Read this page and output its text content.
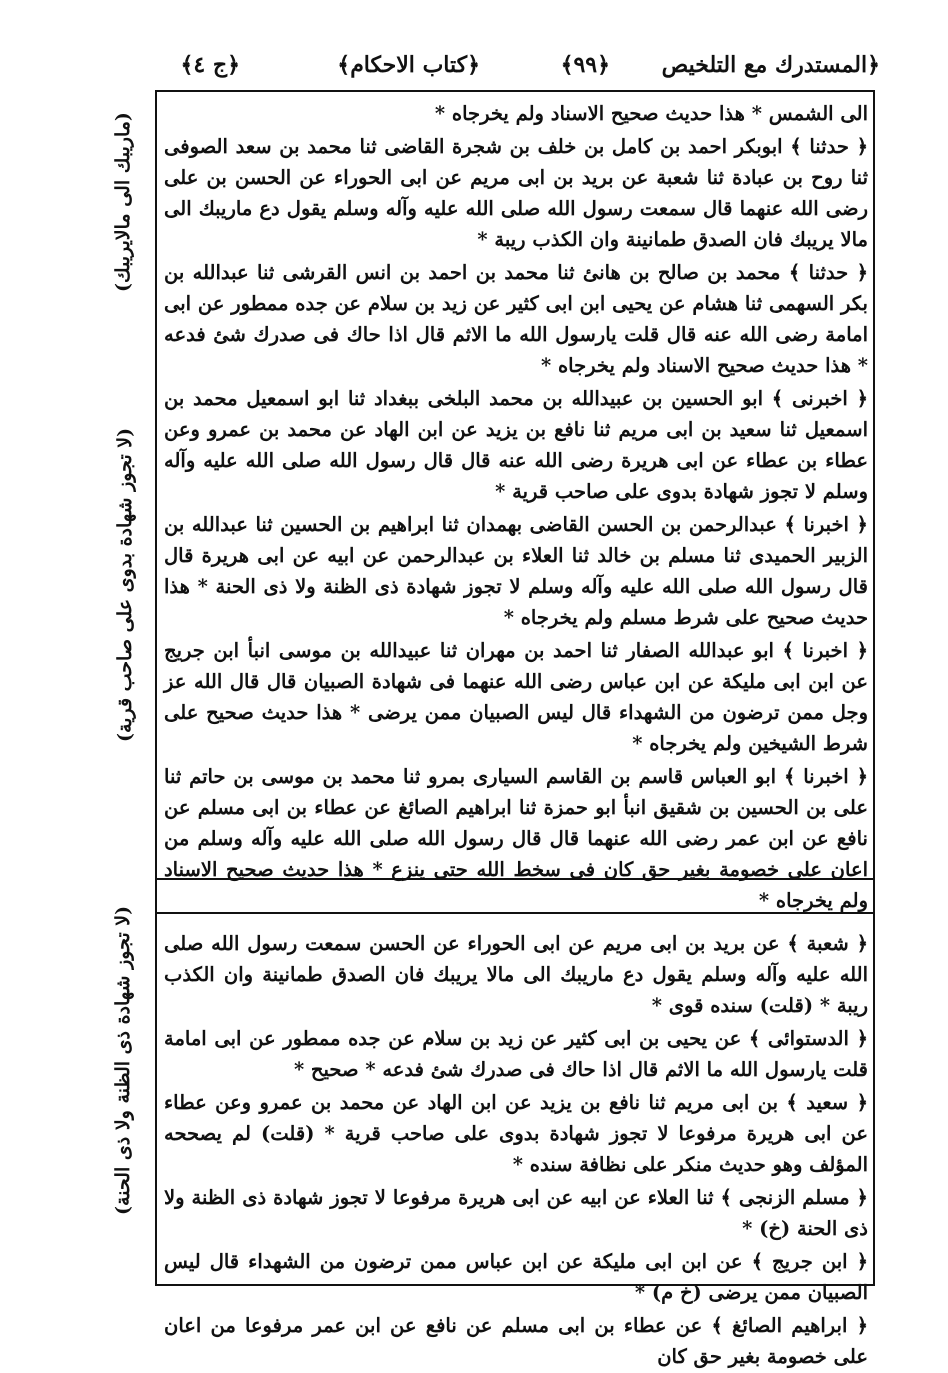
﴿المستدرك مع التلخيص
﴿٩٩﴾
﴿كتاب الاحكام﴾
﴿ج ٤﴾
(ماريبك الى مالايريبك)
(لا تجوز شهادة بدوى على صاحب قرية)
(لا تجوز شهادة ذى الظنة ولا ذى الحنة)

الى الشمس * هذا حديث صحيح الاسناد ولم يخرجاه *

﴿ حدثنا ﴾ ابوبكر احمد بن كامل بن خلف بن شجرة القاضى ثنا محمد بن سعد الصوفى ثنا روح بن عبادة ثنا شعبة عن بريد بن ابى مريم عن ابى الحوراء عن الحسن بن على رضى الله عنهما قال سمعت رسول الله صلى الله عليه وآله وسلم يقول دع ماريبك الى مالا يريبك فان الصدق طمانينة وان الكذب ريبة *

﴿ حدثنا ﴾ محمد بن صالح بن هانئ ثنا محمد بن احمد بن انس القرشى ثنا عبدالله بن بكر السهمى ثنا هشام عن يحيى ابن ابى كثير عن زيد بن سلام عن جده ممطور عن ابى امامة رضى الله عنه قال قلت يارسول الله ما الاثم قال اذا حاك فى صدرك شئ فدعه * هذا حديث صحيح الاسناد ولم يخرجاه *

﴿ اخبرنى ﴾ ابو الحسين بن عبيدالله بن محمد البلخى ببغداد ثنا ابو اسمعيل محمد بن اسمعيل ثنا سعيد بن ابى مريم ثنا نافع بن يزيد عن ابن الهاد عن محمد بن عمرو وعن عطاء بن عطاء عن ابى هريرة رضى الله عنه قال قال رسول الله صلى الله عليه وآله وسلم لا تجوز شهادة بدوى على صاحب قرية *

﴿ اخبرنا ﴾ عبدالرحمن بن الحسن القاضى بهمدان ثنا ابراهيم بن الحسين ثنا عبدالله بن الزبير الحميدى ثنا مسلم بن خالد ثنا العلاء بن عبدالرحمن عن ابيه عن ابى هريرة قال قال رسول الله صلى الله عليه وآله وسلم لا تجوز شهادة ذى الظنة ولا ذى الحنة * هذا حديث صحيح على شرط مسلم ولم يخرجاه *

﴿ اخبرنا ﴾ ابو عبدالله الصفار ثنا احمد بن مهران ثنا عبيدالله بن موسى انبأ ابن جريج عن ابن ابى مليكة عن ابن عباس رضى الله عنهما فى شهادة الصبيان قال قال الله عز وجل ممن ترضون من الشهداء قال ليس الصبيان ممن يرضى * هذا حديث صحيح على شرط الشيخين ولم يخرجاه *

﴿ اخبرنا ﴾ ابو العباس قاسم بن القاسم السيارى بمرو ثنا محمد بن موسى بن حاتم ثنا على بن الحسين بن شقيق انبأ ابو حمزة ثنا ابراهيم الصائغ عن عطاء بن ابى مسلم عن نافع عن ابن عمر رضى الله عنهما قال قال رسول الله صلى الله عليه وآله وسلم من اعان على خصومة بغير حق كان فى سخط الله حتى ينزع * هذا حديث صحيح الاسناد ولم يخرجاه *

﴿ شعبة ﴾ عن بريد بن ابى مريم عن ابى الحوراء عن الحسن سمعت رسول الله صلى الله عليه وآله وسلم يقول دع ماريبك الى مالا يريبك فان الصدق طمانينة وان الكذب ريبة * (قلت) سنده قوى *

﴿ الدستوائى ﴾ عن يحيى بن ابى كثير عن زيد بن سلام عن جده ممطور عن ابى امامة قلت يارسول الله ما الاثم قال اذا حاك فى صدرك شئ فدعه * صحيح *

﴿ سعيد ﴾ بن ابى مريم ثنا نافع بن يزيد عن ابن الهاد عن محمد بن عمرو وعن عطاء عن ابى هريرة مرفوعا لا تجوز شهادة بدوى على صاحب قرية * (قلت) لم يصححه المؤلف وهو حديث منكر على نظافة سنده *

﴿ مسلم الزنجى ﴾ ثنا العلاء عن ابيه عن ابى هريرة مرفوعا لا تجوز شهادة ذى الظنة ولا ذى الحنة (خ) *

﴿ ابن جريج ﴾ عن ابن ابى مليكة عن ابن عباس ممن ترضون من الشهداء قال ليس الصبيان ممن يرضى (خ م) *

﴿ ابراهيم الصائغ ﴾ عن عطاء بن ابى مسلم عن نافع عن ابن عمر مرفوعا من اعان على خصومة بغير حق كان
